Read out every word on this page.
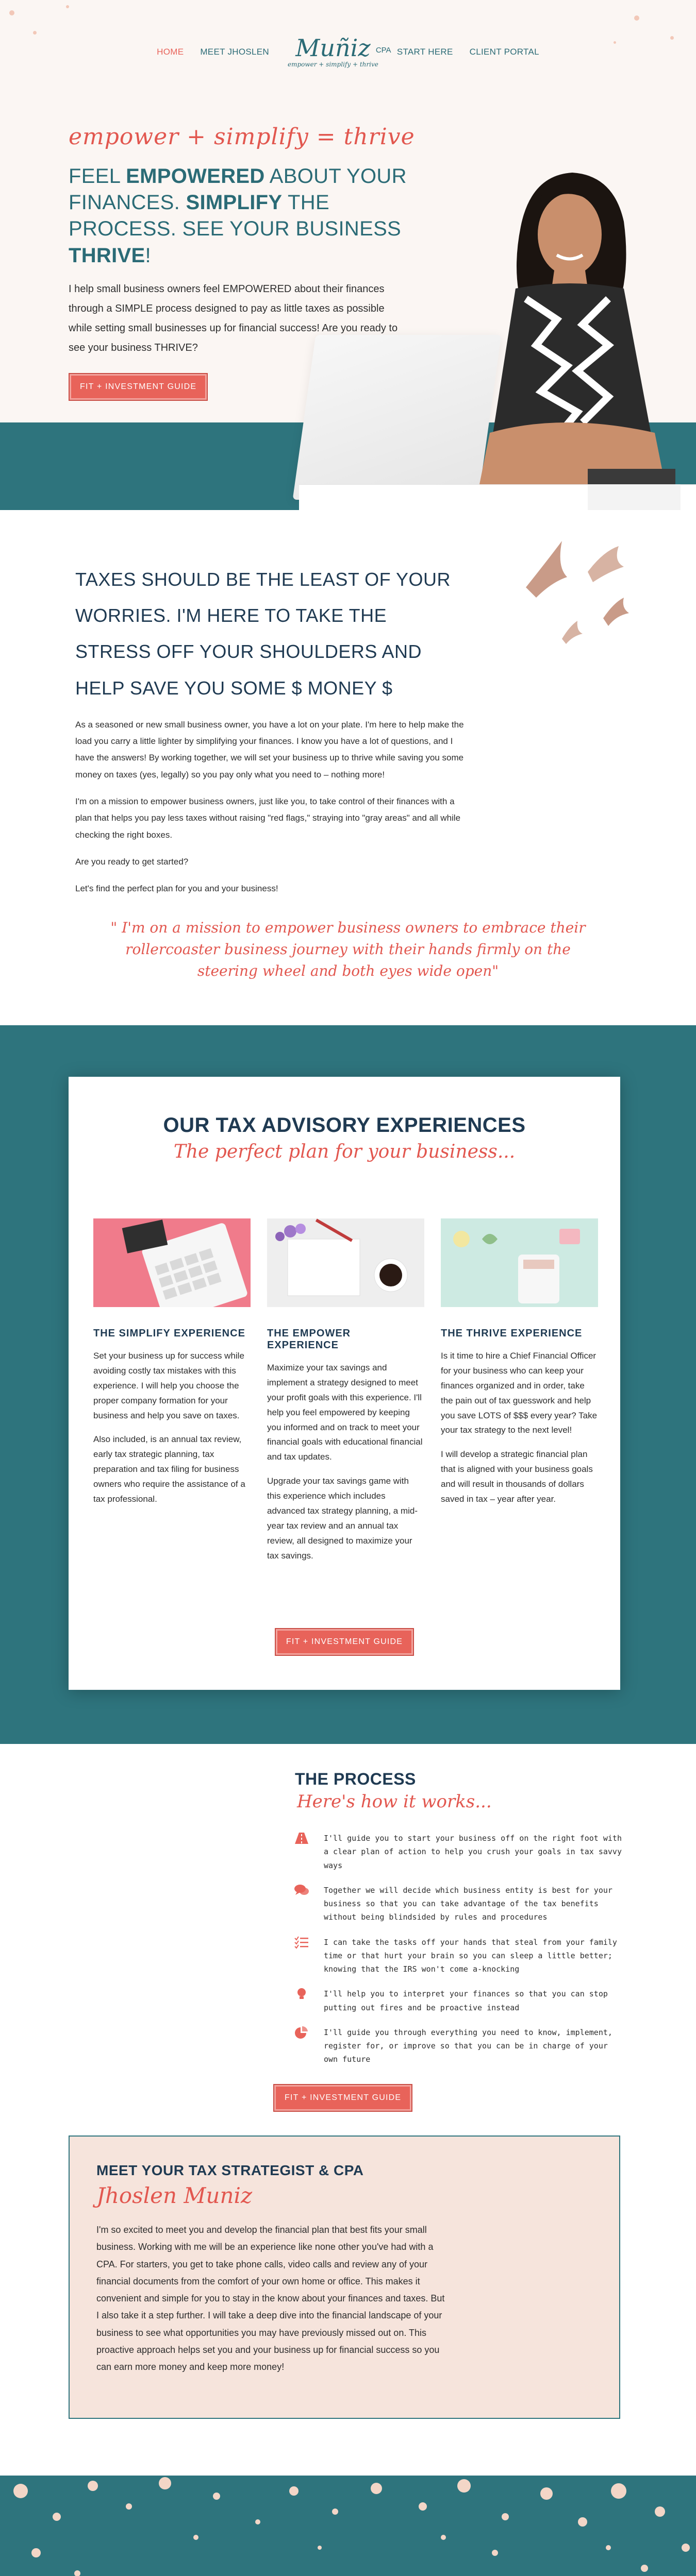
HOME MEET JHOSLEN Muñiz CPA
empower + simplify + thrive
START HERE CLIENT PORTAL
empower + simplify = thrive
FEEL EMPOWERED ABOUT YOUR FINANCES. SIMPLIFY THE PROCESS. SEE YOUR BUSINESS THRIVE!

I help small business owners feel EMPOWERED about their finances through a SIMPLE process designed to pay as little taxes as possible while setting small businesses up for financial success! Are you ready to see your business THRIVE?

FIT + INVESTMENT GUIDE
TAXES SHOULD BE THE LEAST OF YOUR WORRIES. I'M HERE TO TAKE THE STRESS OFF YOUR SHOULDERS AND HELP SAVE YOU SOME $ MONEY $

As a seasoned or new small business owner, you have a lot on your plate. I'm here to help make the load you carry a little lighter by simplifying your finances. I know you have a lot of questions, and I have the answers! By working together, we will set your business up to thrive while saving you some money on taxes (yes, legally) so you pay only what you need to – nothing more!

I'm on a mission to empower business owners, just like you, to take control of their finances with a plan that helps you pay less taxes without raising "red flags," straying into "gray areas" and all while checking the right boxes.

Are you ready to get started?

Let's find the perfect plan for you and your business!

" I'm on a mission to empower business owners to embrace their rollercoaster business journey with their hands firmly on the steering wheel and both eyes wide open"
OUR TAX ADVISORY EXPERIENCES
The perfect plan for your business...
THE SIMPLIFY EXPERIENCE

Set your business up for success while avoiding costly tax mistakes with this experience. I will help you choose the proper company formation for your business and help you save on taxes.

Also included, is an annual tax review, early tax strategic planning, tax preparation and tax filing for business owners who require the assistance of a tax professional.

THE EMPOWER EXPERIENCE

Maximize your tax savings and implement a strategy designed to meet your profit goals with this experience. I'll help you feel empowered by keeping you informed and on track to meet your financial goals with educational financial and tax updates.

Upgrade your tax savings game with this experience which includes advanced tax strategy planning, a mid-year tax review and an annual tax review, all designed to maximize your tax savings.

THE THRIVE EXPERIENCE

Is it time to hire a Chief Financial Officer for your business who can keep your finances organized and in order, take the pain out of tax guesswork and help you save LOTS of $$$ every year? Take your tax strategy to the next level!

I will develop a strategic financial plan that is aligned with your business goals and will result in thousands of dollars saved in tax – year after year.

FIT + INVESTMENT GUIDE
THE PROCESS
Here's how it works...
I'll guide you to start your business off on the right foot with a clear plan of action to help you crush your goals in tax savvy ways
Together we will decide which business entity is best for your business so that you can take advantage of the tax benefits without being blindsided by rules and procedures
I can take the tasks off your hands that steal from your family time or that hurt your brain so you can sleep a little better; knowing that the IRS won't come a-knocking
I'll help you to interpret your finances so that you can stop putting out fires and be proactive instead
I'll guide you through everything you need to know, implement, register for, or improve so that you can be in charge of your own future
FIT + INVESTMENT GUIDE
MEET YOUR TAX STRATEGIST & CPA
Jhoslen Muniz

I'm so excited to meet you and develop the financial plan that best fits your small business. Working with me will be an experience like none other you've had with a CPA. For starters, you get to take phone calls, video calls and review any of your financial documents from the comfort of your own home or office. This makes it convenient and simple for you to stay in the know about your finances and taxes. But I also take it a step further. I will take a deep dive into the financial landscape of your business to see what opportunities you may have previously missed out on. This proactive approach helps set you and your business up for financial success so you can earn more money and keep more money!
